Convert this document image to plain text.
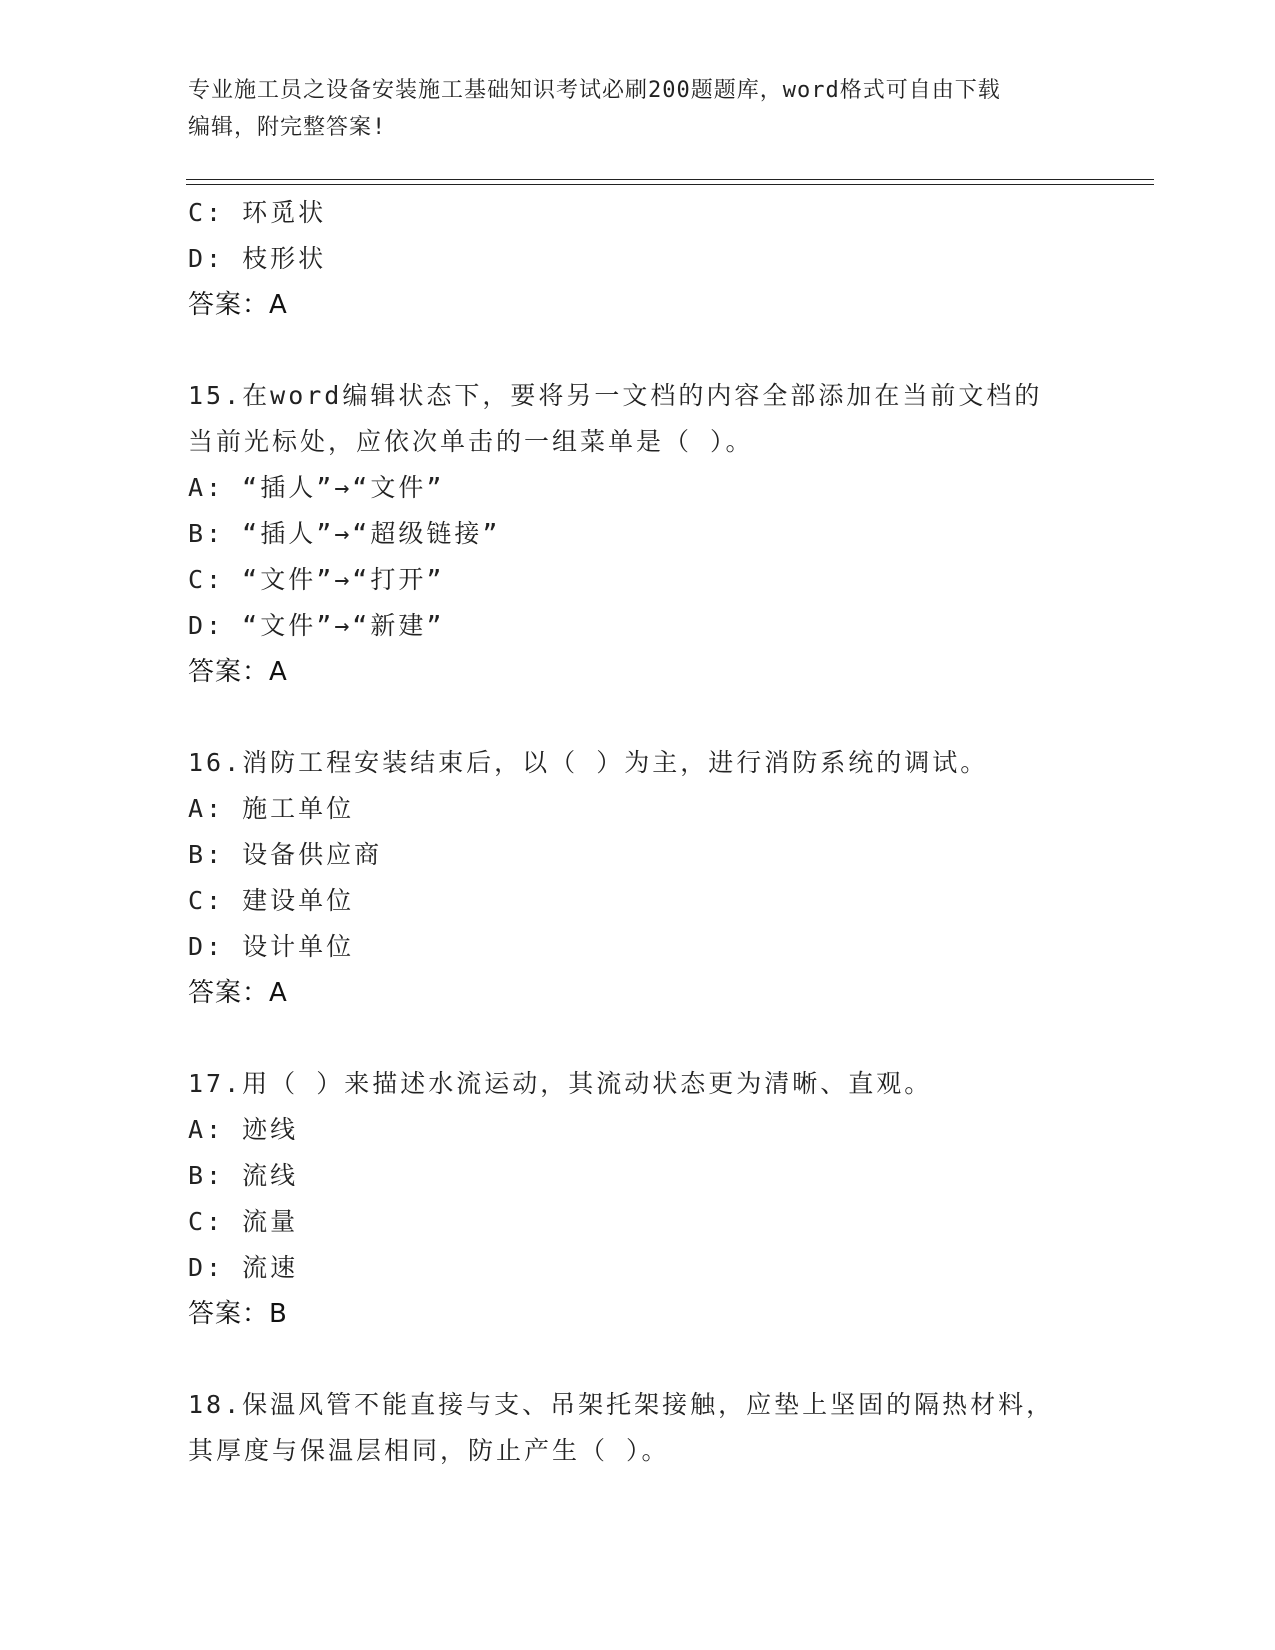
专业施工员之设备安装施工基础知识考试必刷200题题库，word格式可自由下载
编辑，附完整答案!
C: 环觅状
D: 枝形状
答案：A
15.在word编辑状态下，要将另一文档的内容全部添加在当前文档的
当前光标处，应依次单击的一组菜单是（ ）。
A: “插人”→“文件”
B: “插人”→“超级链接”
C: “文件”→“打开”
D: “文件”→“新建”
答案：A
16.消防工程安装结束后，以（ ）为主，进行消防系统的调试。
A: 施工单位
B: 设备供应商
C: 建设单位
D: 设计单位
答案：A
17.用（ ）来描述水流运动，其流动状态更为清晰、直观。
A: 迹线
B: 流线
C: 流量
D: 流速
答案：B
18.保温风管不能直接与支、吊架托架接触，应垫上坚固的隔热材料，
其厚度与保温层相同，防止产生（ ）。
